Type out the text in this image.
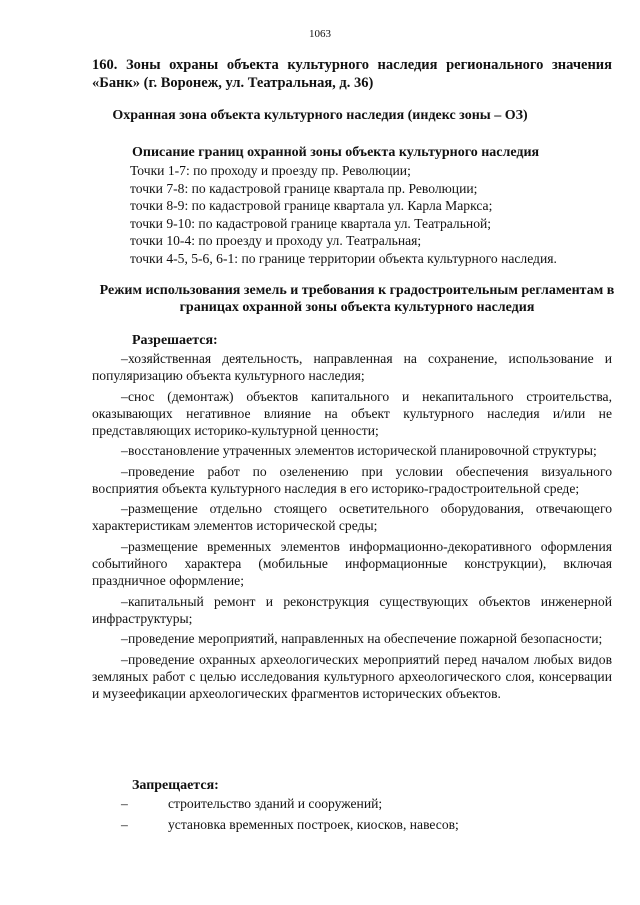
1063
160. Зоны охраны объекта культурного наследия регионального значения «Банк» (г. Воронеж, ул. Театральная, д. 36)
Охранная зона объекта культурного наследия (индекс зоны – ОЗ)
Описание границ охранной зоны объекта культурного наследия
Точки 1-7: по проходу и проезду пр. Революции;
точки 7-8: по кадастровой границе квартала пр. Революции;
точки 8-9: по кадастровой границе квартала ул. Карла Маркса;
точки 9-10: по кадастровой границе квартала ул. Театральной;
точки 10-4: по проезду и проходу ул. Театральная;
точки 4-5, 5-6, 6-1: по границе территории объекта культурного наследия.
Режим использования земель и требования к градостроительным регламентам в границах охранной зоны объекта культурного наследия
Разрешается:
– хозяйственная деятельность, направленная на сохранение, использование и популяризацию объекта культурного наследия;
– снос (демонтаж) объектов капитального и некапитального строительства, оказывающих негативное влияние на объект культурного наследия и/или не представляющих историко-культурной ценности;
– восстановление утраченных элементов исторической планировочной структуры;
– проведение работ по озеленению при условии обеспечения визуального восприятия объекта культурного наследия в его историко-градостроительной среде;
– размещение отдельно стоящего осветительного оборудования, отвечающего характеристикам элементов исторической среды;
– размещение временных элементов информационно-декоративного оформления событийного характера (мобильные информационные конструкции), включая праздничное оформление;
– капитальный ремонт и реконструкция существующих объектов инженерной инфраструктуры;
– проведение мероприятий, направленных на обеспечение пожарной безопасности;
– проведение охранных археологических мероприятий перед началом любых видов земляных работ с целью исследования культурного археологического слоя, консервации и музеефикации археологических фрагментов исторических объектов.
Запрещается:
–	строительство зданий и сооружений;
–	установка временных построек, киосков, навесов;
